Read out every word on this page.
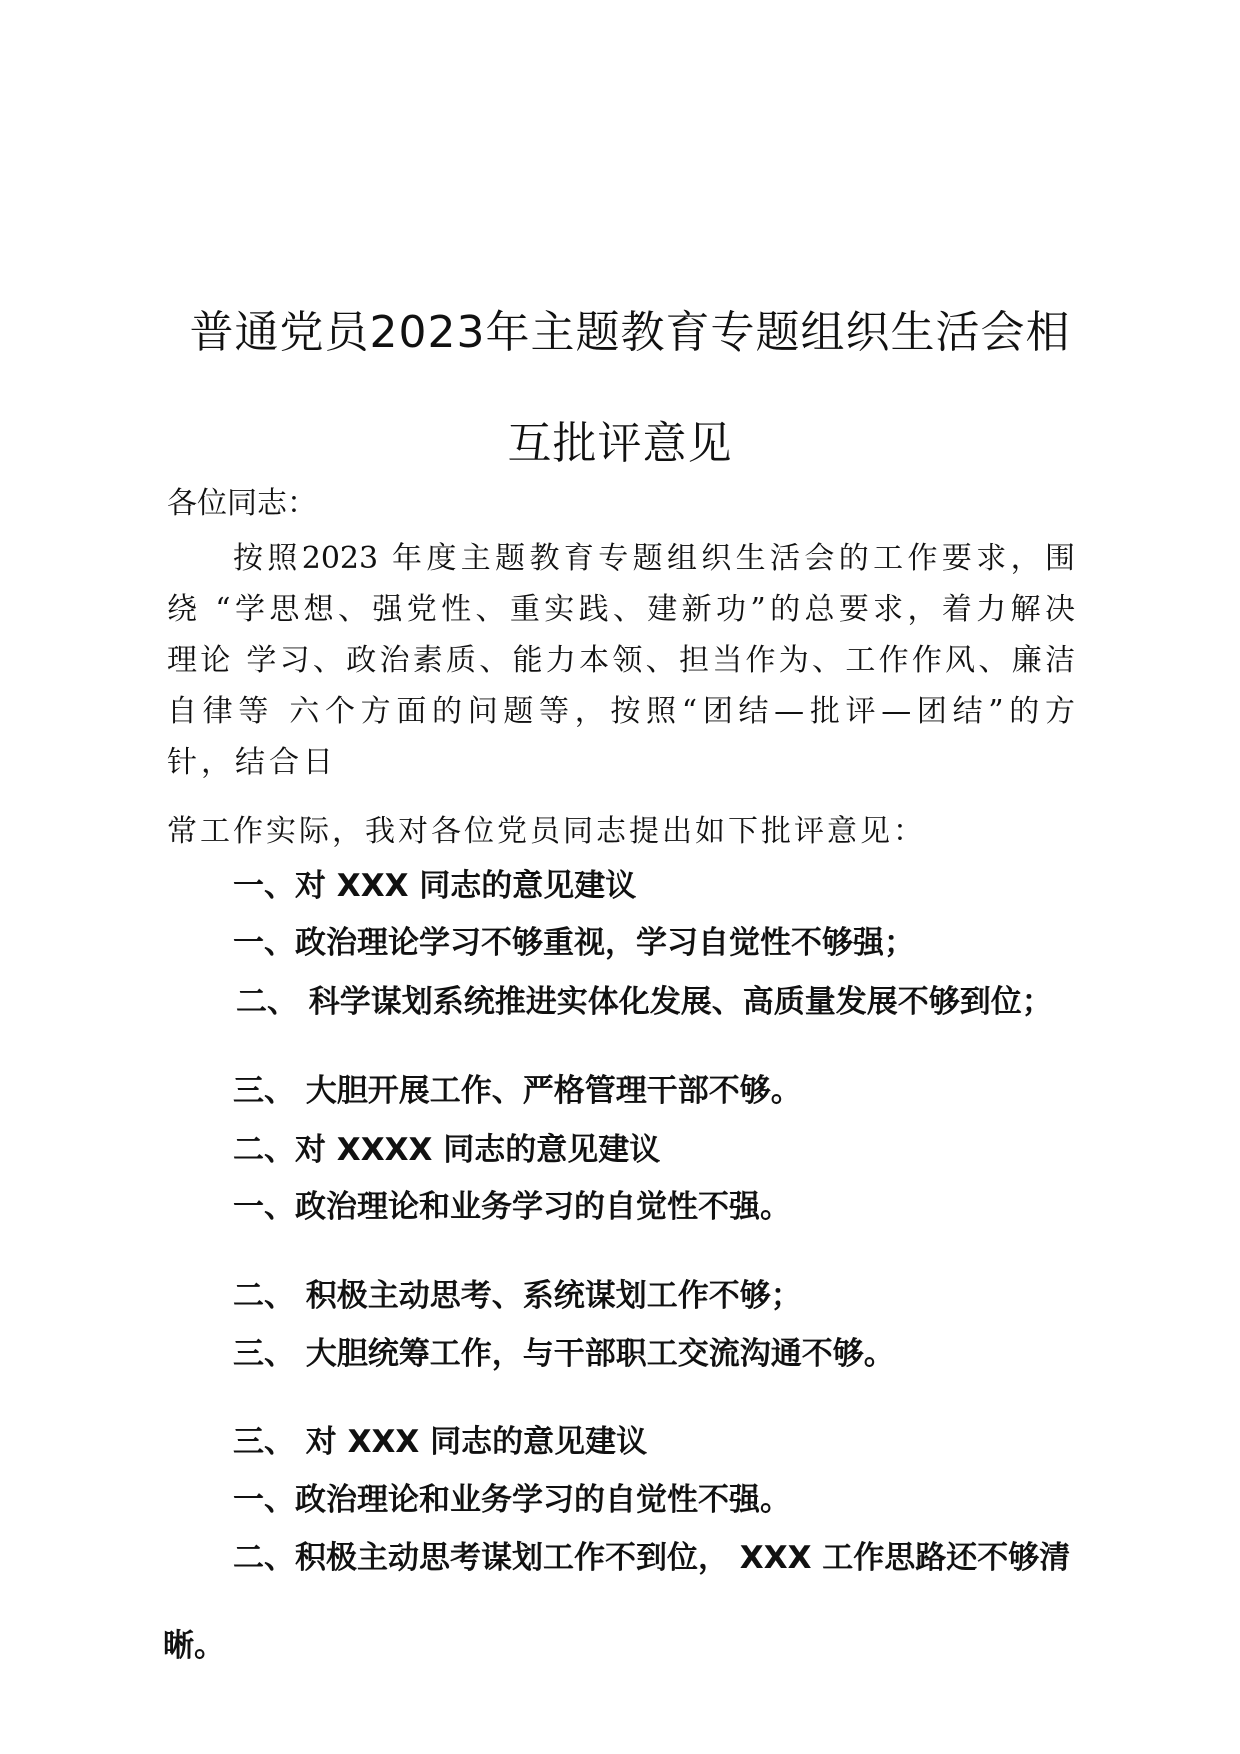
普通党员2023年主题教育专题组织生活会相
互批评意见
各位同志：
按照2023 年度主题教育专题组织生活会的工作要求，围
绕 “学思想、强党性、重实践、建新功”的总要求，着力解决
理论 学习、政治素质、能力本领、担当作为、工作作风、廉洁
自律等 六个方面的问题等，按照“团结—批评—团结”的方
针，结合日
常工作实际，我对各位党员同志提出如下批评意见：
一、对 XXX 同志的意见建议
一、政治理论学习不够重视，学习自觉性不够强；
二、 科学谋划系统推进实体化发展、高质量发展不够到位；
三、 大胆开展工作、严格管理干部不够。
二、对 XXXX 同志的意见建议
一、政治理论和业务学习的自觉性不强。
二、 积极主动思考、系统谋划工作不够；
三、 大胆统筹工作，与干部职工交流沟通不够。
三、 对 XXX 同志的意见建议
一、政治理论和业务学习的自觉性不强。
二、积极主动思考谋划工作不到位， XXX 工作思路还不够清
晰。
